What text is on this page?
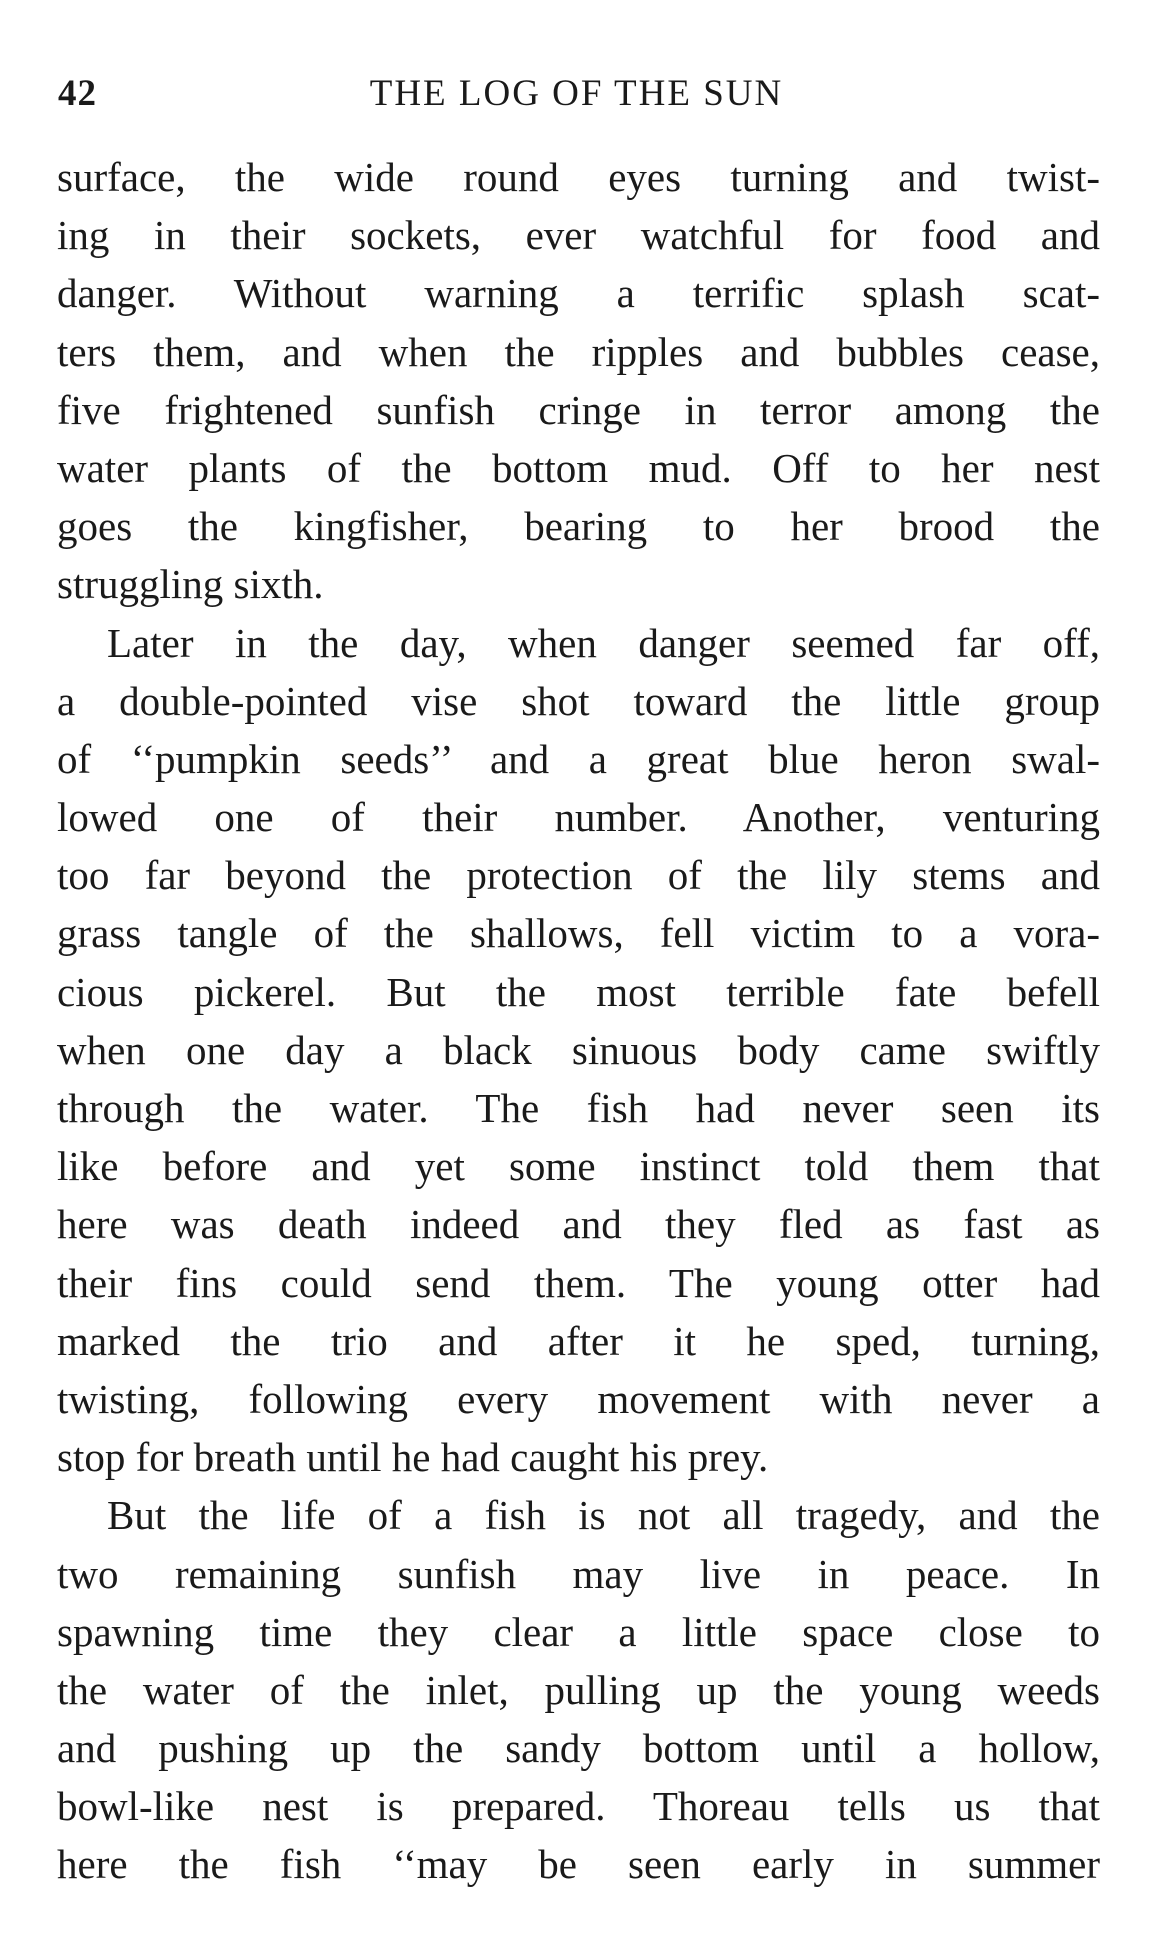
42	THE LOG OF THE SUN
surface, the wide round eyes turning and twist-
ing in their sockets, ever watchful for food and
danger. Without warning a terrific splash scat-
ters them, and when the ripples and bubbles cease,
five frightened sunfish cringe in terror among the
water plants of the bottom mud. Off to her nest
goes the kingfisher, bearing to her brood the
struggling sixth.
Later in the day, when danger seemed far off,
a double-pointed vise shot toward the little group
of ‘‘pumpkin seeds’’ and a great blue heron swal-
lowed one of their number. Another, venturing
too far beyond the protection of the lily stems and
grass tangle of the shallows, fell victim to a vora-
cious pickerel. But the most terrible fate befell
when one day a black sinuous body came swiftly
through the water. The fish had never seen its
like before and yet some instinct told them that
here was death indeed and they fled as fast as
their fins could send them. The young otter had
marked the trio and after it he sped, turning,
twisting, following every movement with never a
stop for breath until he had caught his prey.
But the life of a fish is not all tragedy, and the
two remaining sunfish may live in peace. In
spawning time they clear a little space close to
the water of the inlet, pulling up the young weeds
and pushing up the sandy bottom until a hollow,
bowl-like nest is prepared. Thoreau tells us that
here the fish ‘‘may be seen early in summer
